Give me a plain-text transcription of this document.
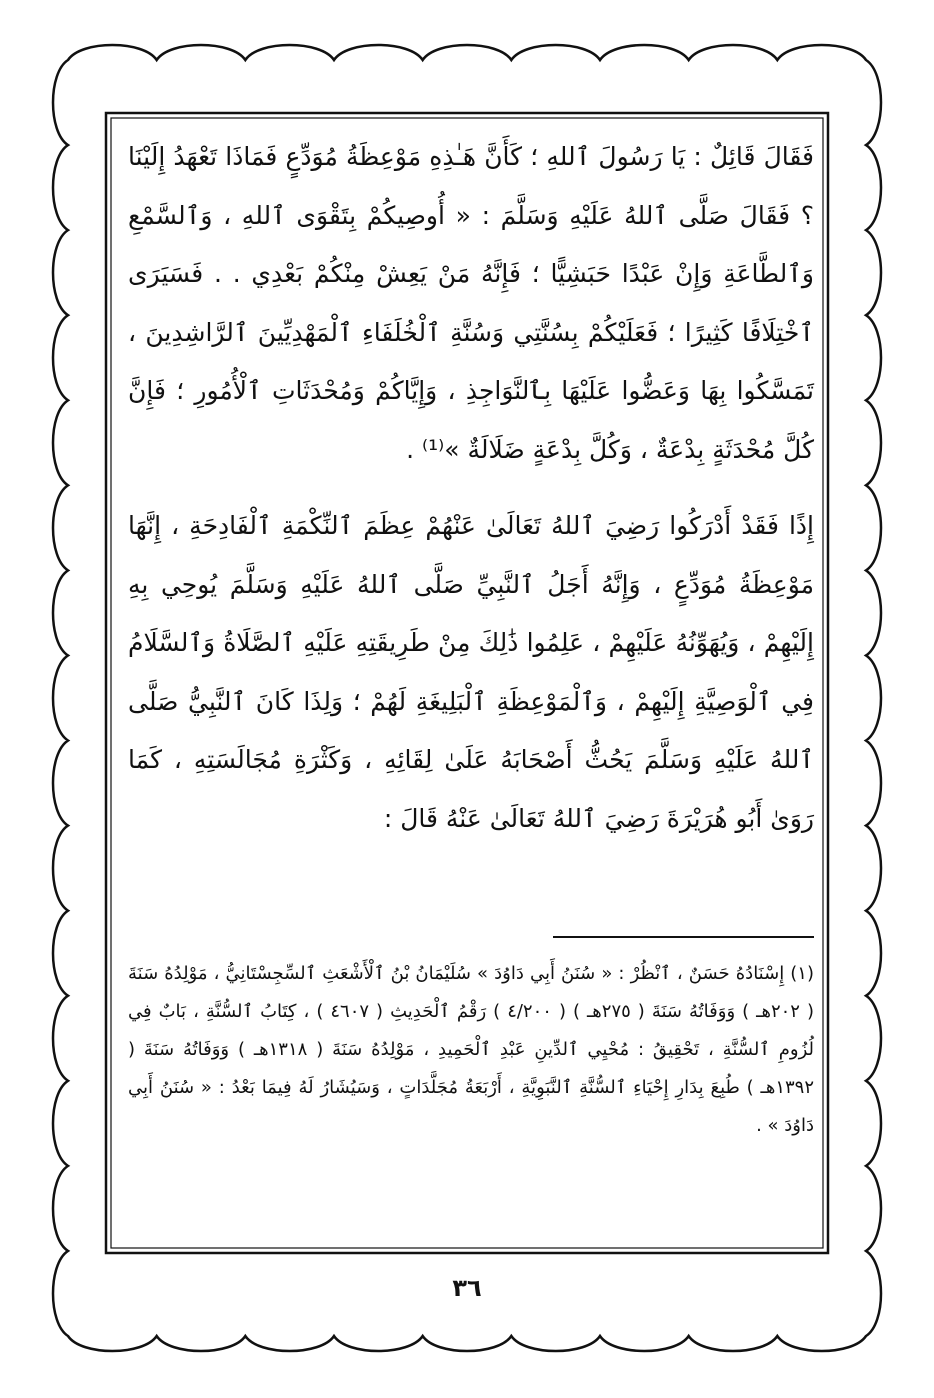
فَقَالَ قَائِلٌ : يَا رَسُولَ ٱللهِ ؛ كَأَنَّ هَـٰذِهِ مَوْعِظَةُ مُوَدِّعٍ فَمَاذَا تَعْهَدُ إِلَيْنَا ؟ فَقَالَ صَلَّى ٱللهُ عَلَيْهِ وَسَلَّمَ : « أُوصِيكُمْ بِتَقْوَى ٱللهِ ، وَٱلسَّمْعِ وَٱلطَّاعَةِ وَإِنْ عَبْدًا حَبَشِيًّا ؛ فَإِنَّهُ مَنْ يَعِشْ مِنْكُمْ بَعْدِي . . فَسَيَرَى ٱخْتِلَافًا كَثِيرًا ؛ فَعَلَيْكُمْ بِسُنَّتِي وَسُنَّةِ ٱلْخُلَفَاءِ ٱلْمَهْدِيِّينَ ٱلرَّاشِدِينَ ، تَمَسَّكُوا بِهَا وَعَضُّوا عَلَيْهَا بِٱلنَّوَاجِذِ ، وَإِيَّاكُمْ وَمُحْدَثَاتِ ٱلْأُمُورِ ؛ فَإِنَّ كُلَّ مُحْدَثَةٍ بِدْعَةٌ ، وَكُلَّ بِدْعَةٍ ضَلَالَةٌ »⁽¹⁾ .

إِذًا فَقَدْ أَدْرَكُوا رَضِيَ ٱللهُ تَعَالَىٰ عَنْهُمْ عِظَمَ ٱلنِّكْمَةِ ٱلْفَادِحَةِ ، إِنَّهَا مَوْعِظَةُ مُوَدِّعٍ ، وَإِنَّهُ أَجَلُ ٱلنَّبِيِّ صَلَّى ٱللهُ عَلَيْهِ وَسَلَّمَ يُوحِي بِهِ إِلَيْهِمْ ، وَيُهَوِّنُهُ عَلَيْهِمْ ، عَلِمُوا ذَٰلِكَ مِنْ طَرِيقَتِهِ عَلَيْهِ ٱلصَّلَاةُ وَٱلسَّلَامُ فِي ٱلْوَصِيَّةِ إِلَيْهِمْ ، وَٱلْمَوْعِظَةِ ٱلْبَلِيغَةِ لَهُمْ ؛ وَلِذَا كَانَ ٱلنَّبِيُّ صَلَّى ٱللهُ عَلَيْهِ وَسَلَّمَ يَحُثُّ أَصْحَابَهُ عَلَىٰ لِقَائِهِ ، وَكَثْرَةِ مُجَالَسَتِهِ ، كَمَا رَوَىٰ أَبُو هُرَيْرَةَ رَضِيَ ٱللهُ تَعَالَىٰ عَنْهُ قَالَ :

(١) إِسْنَادُهُ حَسَنٌ ، ٱنْظُرْ : « سُنَنُ أَبِي دَاوُدَ » سُلَيْمَانُ بْنُ ٱلْأَشْعَثِ ٱلسِّجِسْتَانِيُّ ، مَوْلِدُهُ سَنَةَ ( ٢٠٢هـ ) وَوَفَاتُهُ سَنَةَ ( ٢٧٥هـ ) ( ٤/٢٠٠ ) رَقْمُ ٱلْحَدِيثِ ( ٤٦٠٧ ) ، كِتَابُ ٱلسُّنَّةِ ، بَابٌ فِي لُزُومِ ٱلسُّنَّةِ ، تَحْقِيقُ : مُحْيِي ٱلدِّينِ عَبْدِ ٱلْحَمِيدِ ، مَوْلِدُهُ سَنَةَ ( ١٣١٨هـ ) وَوَفَاتُهُ سَنَةَ ( ١٣٩٢هـ ) طُبِعَ بِدَارِ إِحْيَاءِ ٱلسُّنَّةِ ٱلنَّبَوِيَّةِ ، أَرْبَعَةُ مُجَلَّدَاتٍ ، وَسَيُشَارُ لَهُ فِيمَا بَعْدُ : « سُنَنُ أَبِي دَاوُدَ » .

٣٦
